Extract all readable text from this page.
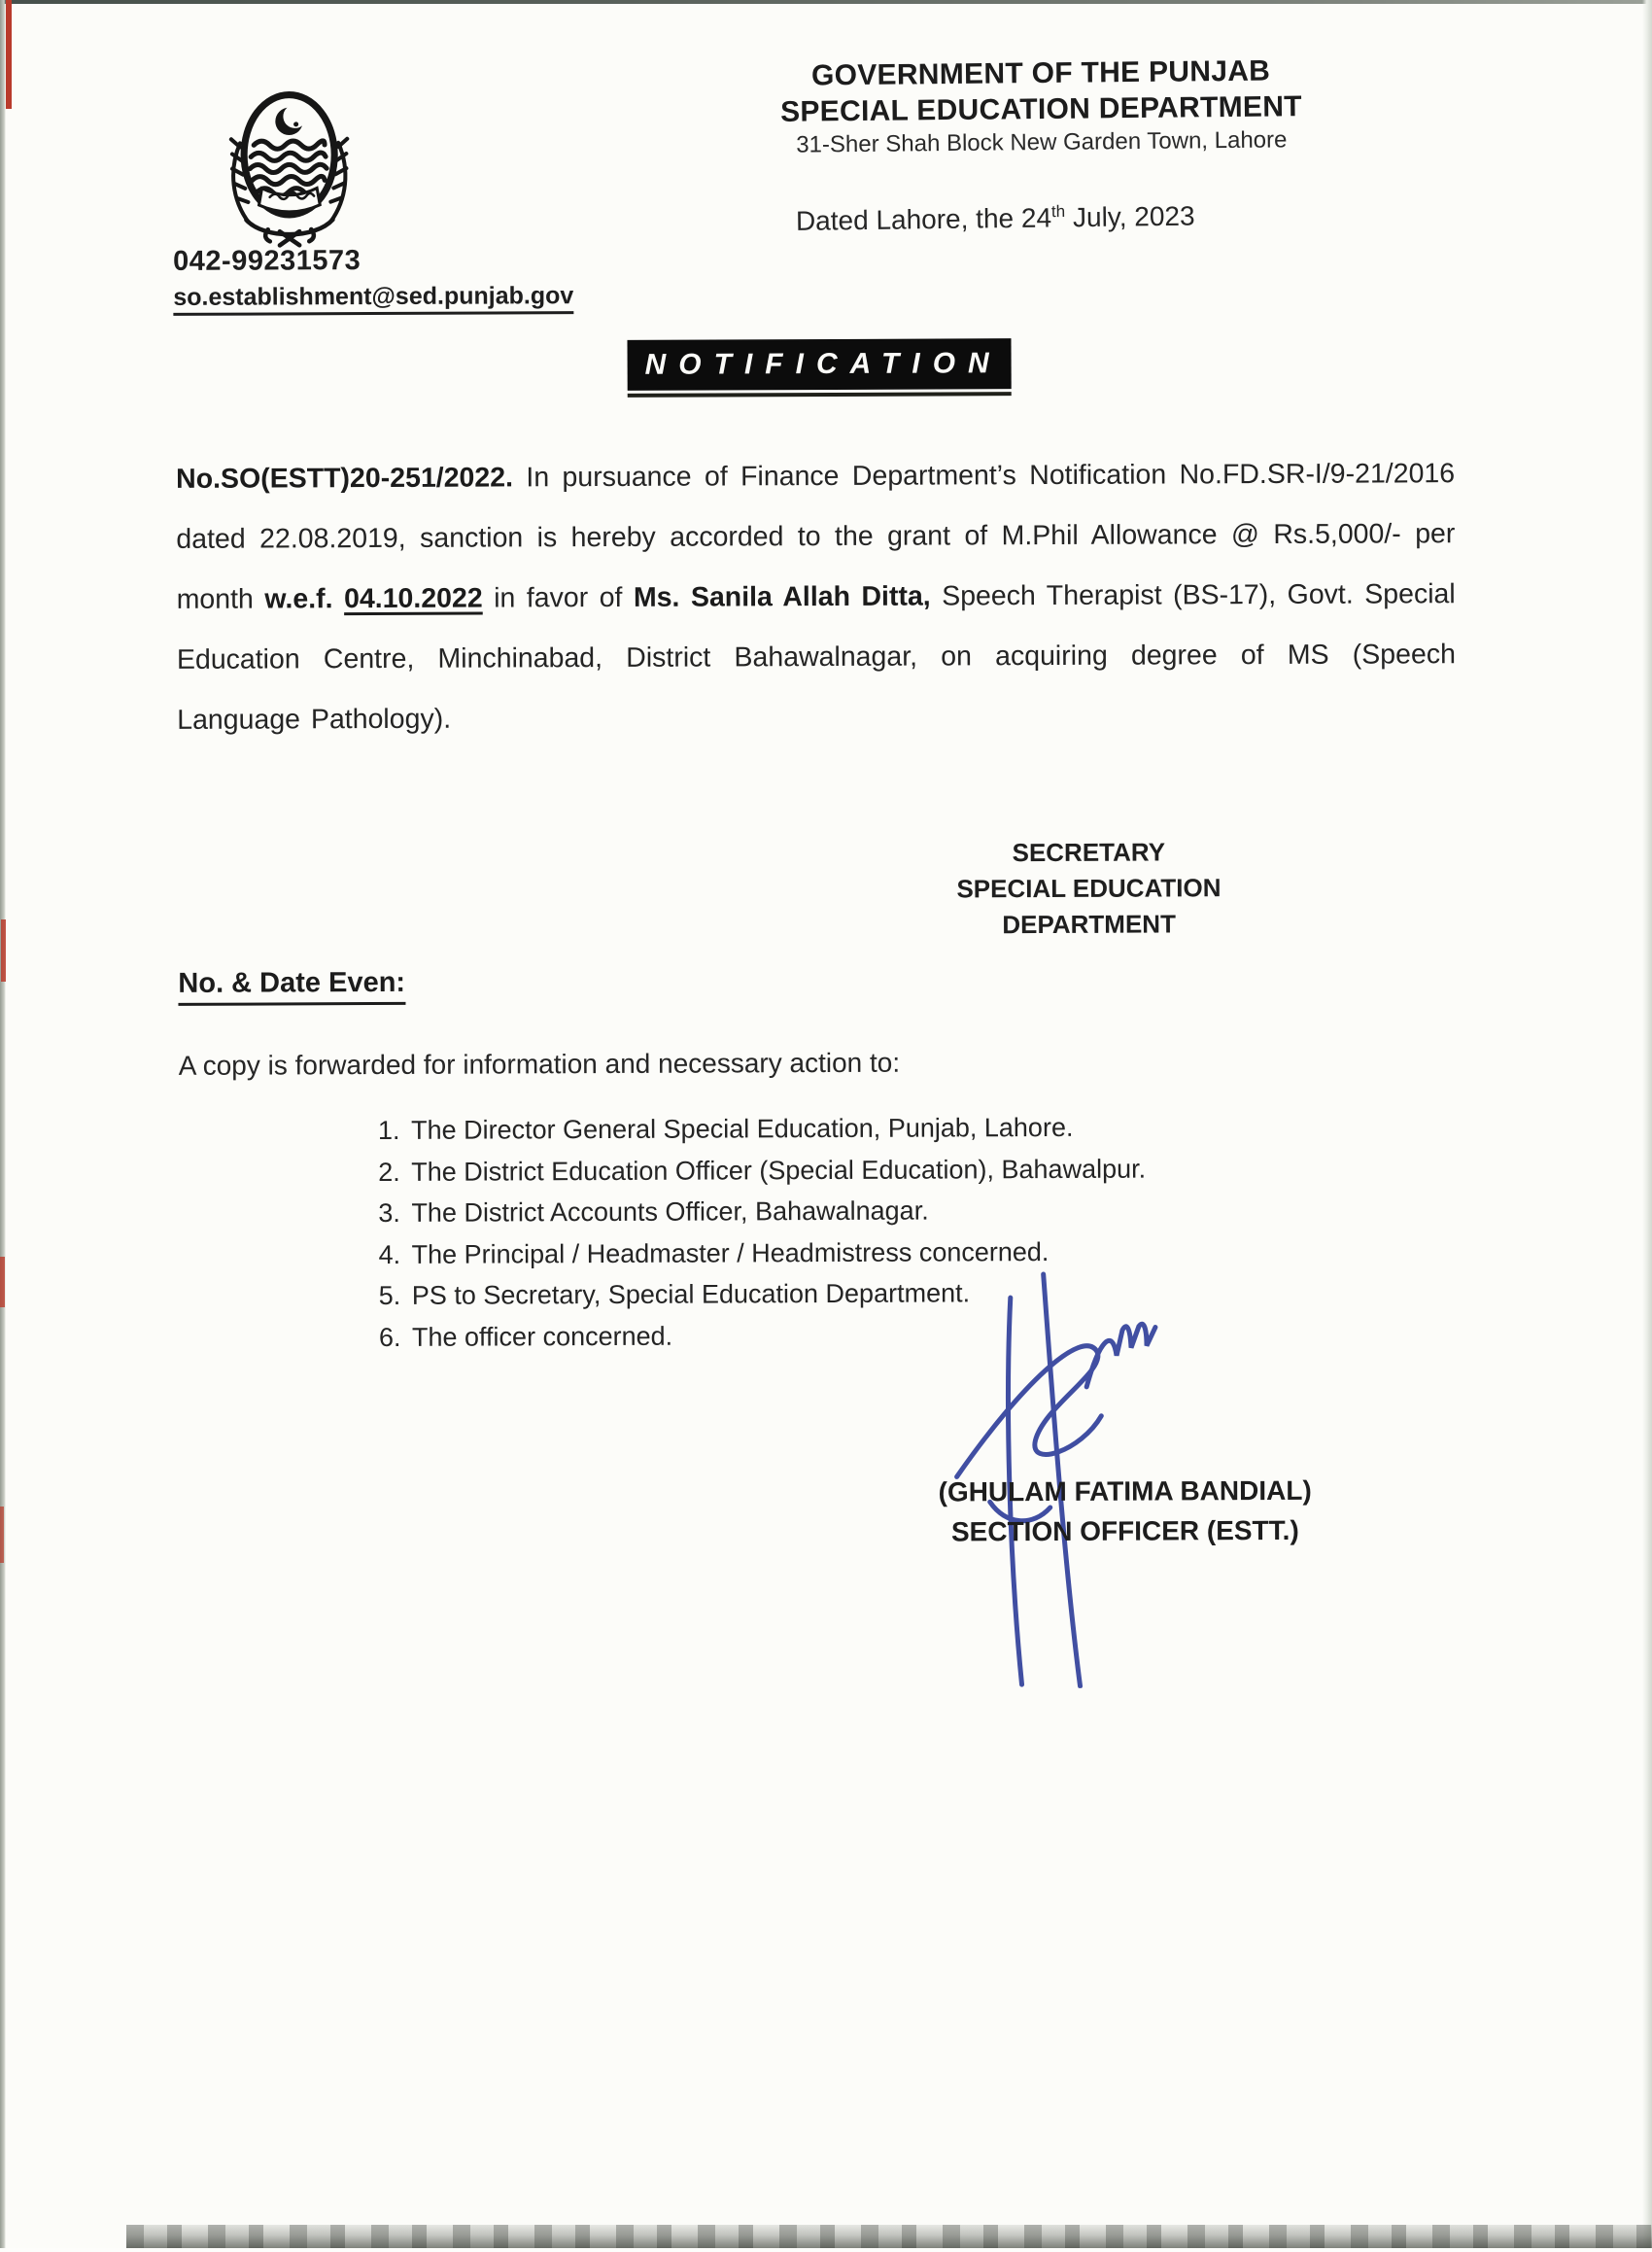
GOVERNMENT OF THE PUNJAB
SPECIAL EDUCATION DEPARTMENT
31-Sher Shah Block New Garden Town, Lahore
Dated Lahore, the 24th July, 2023
042-99231573
so.establishment@sed.punjab.gov
NOTIFICATION

No.SO(ESTT)20-251/2022. In pursuance of Finance Department’s Notification No.FD.SR-I/9-21/2016 dated 22.08.2019, sanction is hereby accorded to the grant of M.Phil Allowance @ Rs.5,000/- per month w.e.f. 04.10.2022 in favor of Ms. Sanila Allah Ditta, Speech Therapist (BS-17), Govt. Special Education Centre, Minchinabad, District Bahawalnagar, on acquiring degree of MS (Speech Language Pathology).

SECRETARY
SPECIAL EDUCATION
DEPARTMENT
No. & Date Even:
A copy is forwarded for information and necessary action to:
1. The Director General Special Education, Punjab, Lahore.
2. The District Education Officer (Special Education), Bahawalpur.
3. The District Accounts Officer, Bahawalnagar.
4. The Principal / Headmaster / Headmistress concerned.
5. PS to Secretary, Special Education Department.
6. The officer concerned.
(GHULAM FATIMA BANDIAL)
SECTION OFFICER (ESTT.)
